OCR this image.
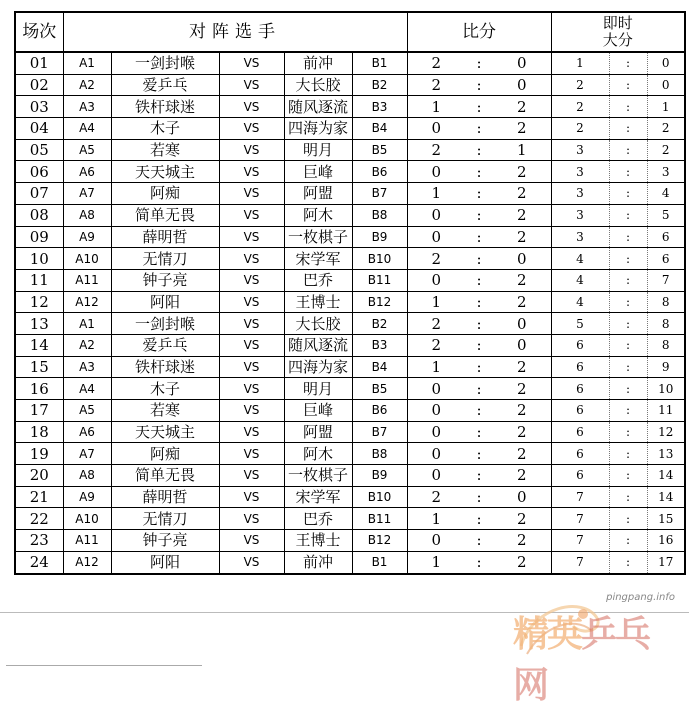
场次	对阵选手					比分			即时大分		
01	A1	一剑封喉	VS	前冲	B1	2	:	0	1	:	0
02	A2	爱乒乓	VS	大长胶	B2	2	:	0	2	:	0
03	A3	铁杆球迷	VS	随风逐流	B3	1	:	2	2	:	1
04	A4	木子	VS	四海为家	B4	0	:	2	2	:	2
05	A5	若寒	VS	明月	B5	2	:	1	3	:	2
06	A6	天天城主	VS	巨峰	B6	0	:	2	3	:	3
07	A7	阿痴	VS	阿盟	B7	1	:	2	3	:	4
08	A8	简单无畏	VS	阿木	B8	0	:	2	3	:	5
09	A9	薛明哲	VS	一枚棋子	B9	0	:	2	3	:	6
10	A10	无情刀	VS	宋学军	B10	2	:	0	4	:	6
11	A11	钟子亮	VS	巴乔	B11	0	:	2	4	:	7
12	A12	阿阳	VS	王博士	B12	1	:	2	4	:	8
13	A1	一剑封喉	VS	大长胶	B2	2	:	0	5	:	8
14	A2	爱乒乓	VS	随风逐流	B3	2	:	0	6	:	8
15	A3	铁杆球迷	VS	四海为家	B4	1	:	2	6	:	9
16	A4	木子	VS	明月	B5	0	:	2	6	:	10
17	A5	若寒	VS	巨峰	B6	0	:	2	6	:	11
18	A6	天天城主	VS	阿盟	B7	0	:	2	6	:	12
19	A7	阿痴	VS	阿木	B8	0	:	2	6	:	13
20	A8	简单无畏	VS	一枚棋子	B9	0	:	2	6	:	14
21	A9	薛明哲	VS	宋学军	B10	2	:	0	7	:	14
22	A10	无情刀	VS	巴乔	B11	1	:	2	7	:	15
23	A11	钟子亮	VS	王博士	B12	0	:	2	7	:	16
24	A12	阿阳	VS	前冲	B1	1	:	2	7	:	17
pingpang.info
精英乒乓网
